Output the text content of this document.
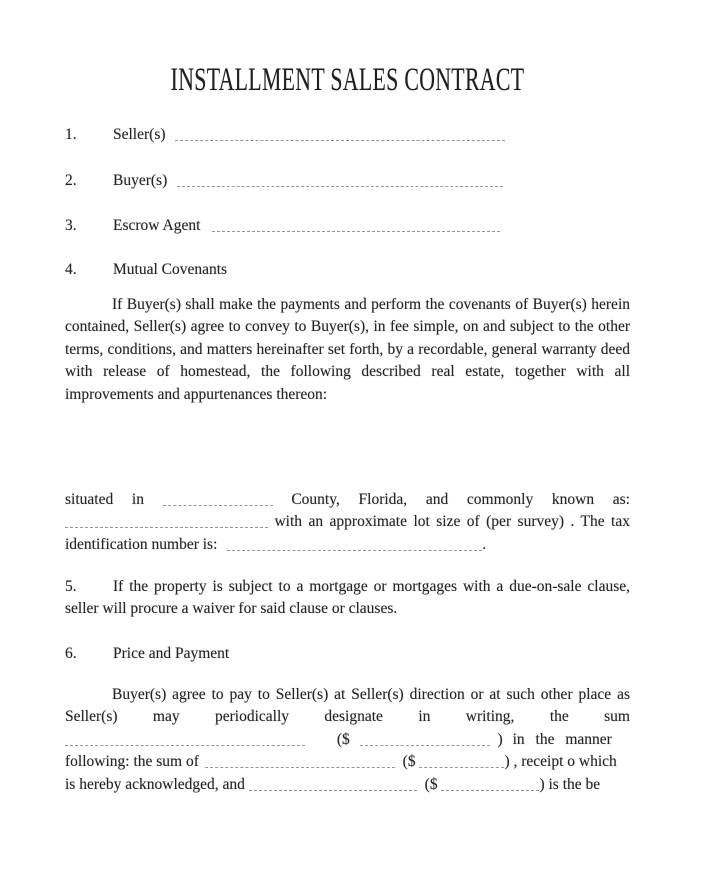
INSTALLMENT SALES CONTRACT
1. Seller(s)
2. Buyer(s)
3. Escrow Agent
4. Mutual Covenants

If Buyer(s) shall make the payments and perform the covenants of Buyer(s) herein contained, Seller(s) agree to convey to Buyer(s), in fee simple, on and subject to the other terms, conditions, and matters hereinafter set forth, by a recordable, general warranty deed with release of homestead, the following described real estate, together with all improvements and appurtenances thereon:

situated in	County, Florida, and commonly known as:
with an approximate lot size of (per survey) . The tax
identification number is:	.
5. If the property is subject to a mortgage or mortgages with a due-on-sale clause,
seller will procure a waiver for said clause or clauses.
6. Price and Payment
Buyer(s) agree to pay to Seller(s) at Seller(s) direction or at such other place as
Seller(s) may periodically designate in writing, the sum
($	) in the manner
following: the sum of	($	) , receipt o which
is hereby acknowledged, and	($	) is the be
